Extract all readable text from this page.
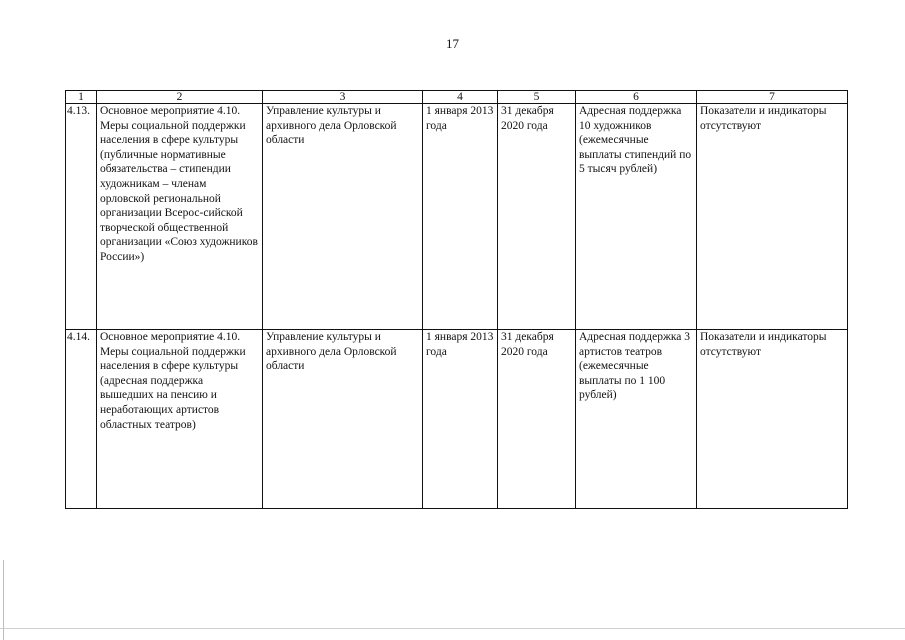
17
1	2	3	4	5	6	7
4.13.	Основное мероприятие 4.10. Меры социальной поддержки населения в сфере культуры (публичные нормативные обязательства – стипендии художникам – членам орловской региональной организации Всерос-сийской творческой общественной организации «Союз художников России»)	Управление культуры и архивного дела Орловской области	1 января 2013 года	31 декабря 2020 года	Адресная поддержка 10 художников (ежемесячные выплаты стипендий по 5 тысяч рублей)	Показатели и индикаторы отсутствуют
4.14.	Основное мероприятие 4.10. Меры социальной поддержки населения в сфере культуры (адресная поддержка вышедших на пенсию и неработающих артистов областных театров)	Управление культуры и архивного дела Орловской области	1 января 2013 года	31 декабря 2020 года	Адресная поддержка 3 артистов театров (ежемесячные выплаты по 1 100 рублей)	Показатели и индикаторы отсутствуют
